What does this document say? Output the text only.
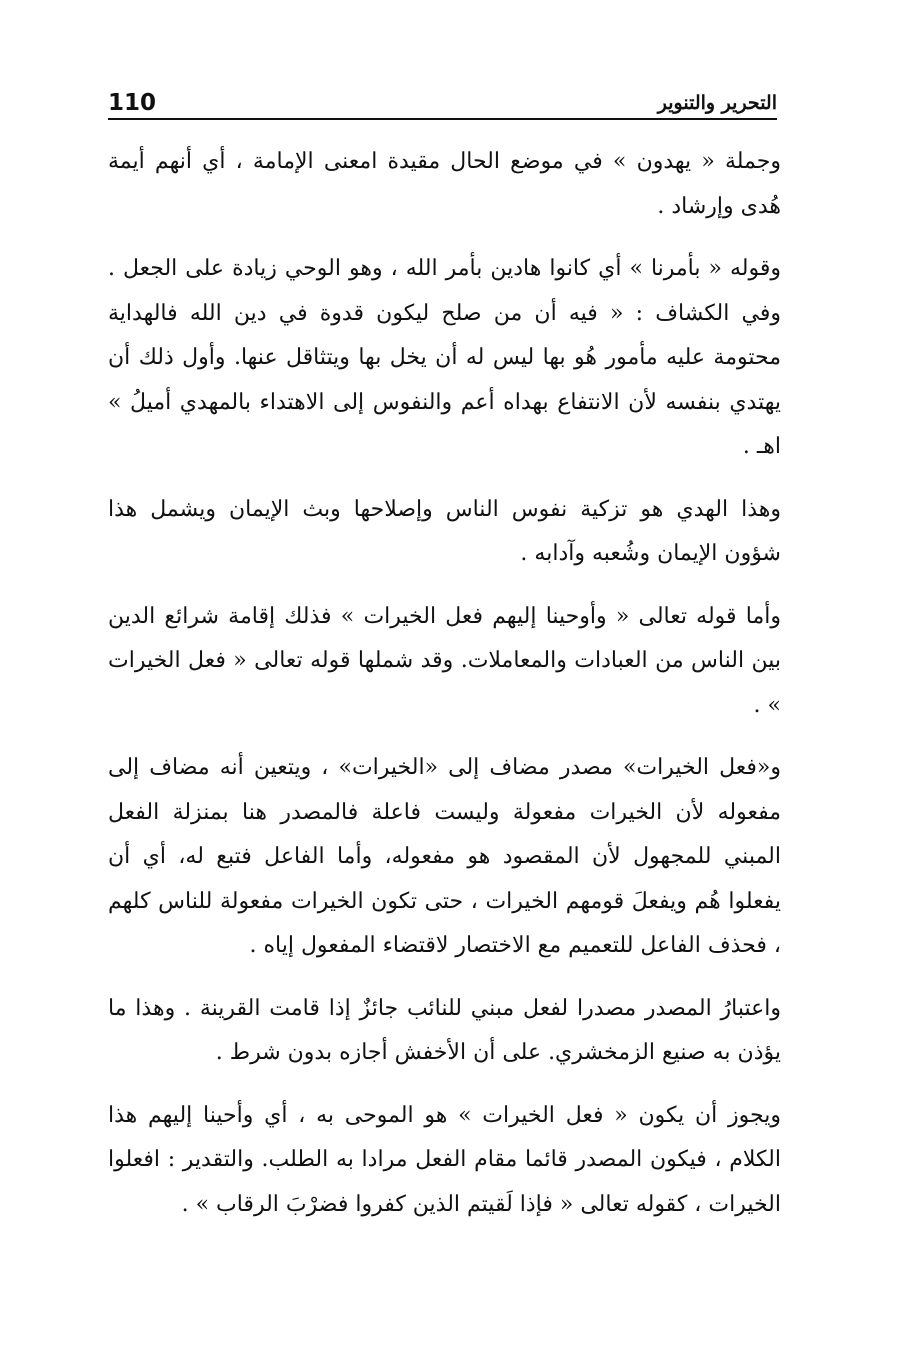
110	التحرير والتنوير

وجملة « يهدون » في موضع الحال مقيدة امعنى الإمامة ، أي أنهم أيمة هُدى وإرشاد .

وقوله « بأمرنا » أي كانوا هادين بأمر الله ، وهو الوحي زيادة على الجعل . وفي الكشاف : « فيه أن من صلح ليكون قدوة في دين الله فالهداية محتومة عليه مأمور هُو بها ليس له أن يخل بها ويتثاقل عنها. وأول ذلك أن يهتدي بنفسه لأن الانتفاع بهداه أعم والنفوس إلى الاهتداء بالمهدي أميلُ » اهـ .

وهذا الهدي هو تزكية نفوس الناس وإصلاحها وبث الإيمان ويشمل هذا شؤون الإيمان وشُعبه وآدابه .

وأما قوله تعالى « وأوحينا إليهم فعل الخيرات » فذلك إقامة شرائع الدين بين الناس من العبادات والمعاملات. وقد شملها قوله تعالى « فعل الخيرات » .

و«فعل الخيرات» مصدر مضاف إلى «الخيرات» ، ويتعين أنه مضاف إلى مفعوله لأن الخيرات مفعولة وليست فاعلة فالمصدر هنا بمنزلة الفعل المبني للمجهول لأن المقصود هو مفعوله، وأما الفاعل فتبع له، أي أن يفعلوا هُم ويفعلَ قومهم الخيرات ، حتى تكون الخيرات مفعولة للناس كلهم ، فحذف الفاعل للتعميم مع الاختصار لاقتضاء المفعول إياه .

واعتبارُ المصدر مصدرا لفعل مبني للنائب جائزٌ إذا قامت القرينة . وهذا ما يؤذن به صنيع الزمخشري. على أن الأخفش أجازه بدون شرط .

ويجوز أن يكون « فعل الخيرات » هو الموحى به ، أي وأحينا إليهم هذا الكلام ، فيكون المصدر قائما مقام الفعل مرادا به الطلب. والتقدير : افعلوا الخيرات ، كقوله تعالى « فإذا لَقيتم الذين كفروا فضرْبَ الرقاب » .
